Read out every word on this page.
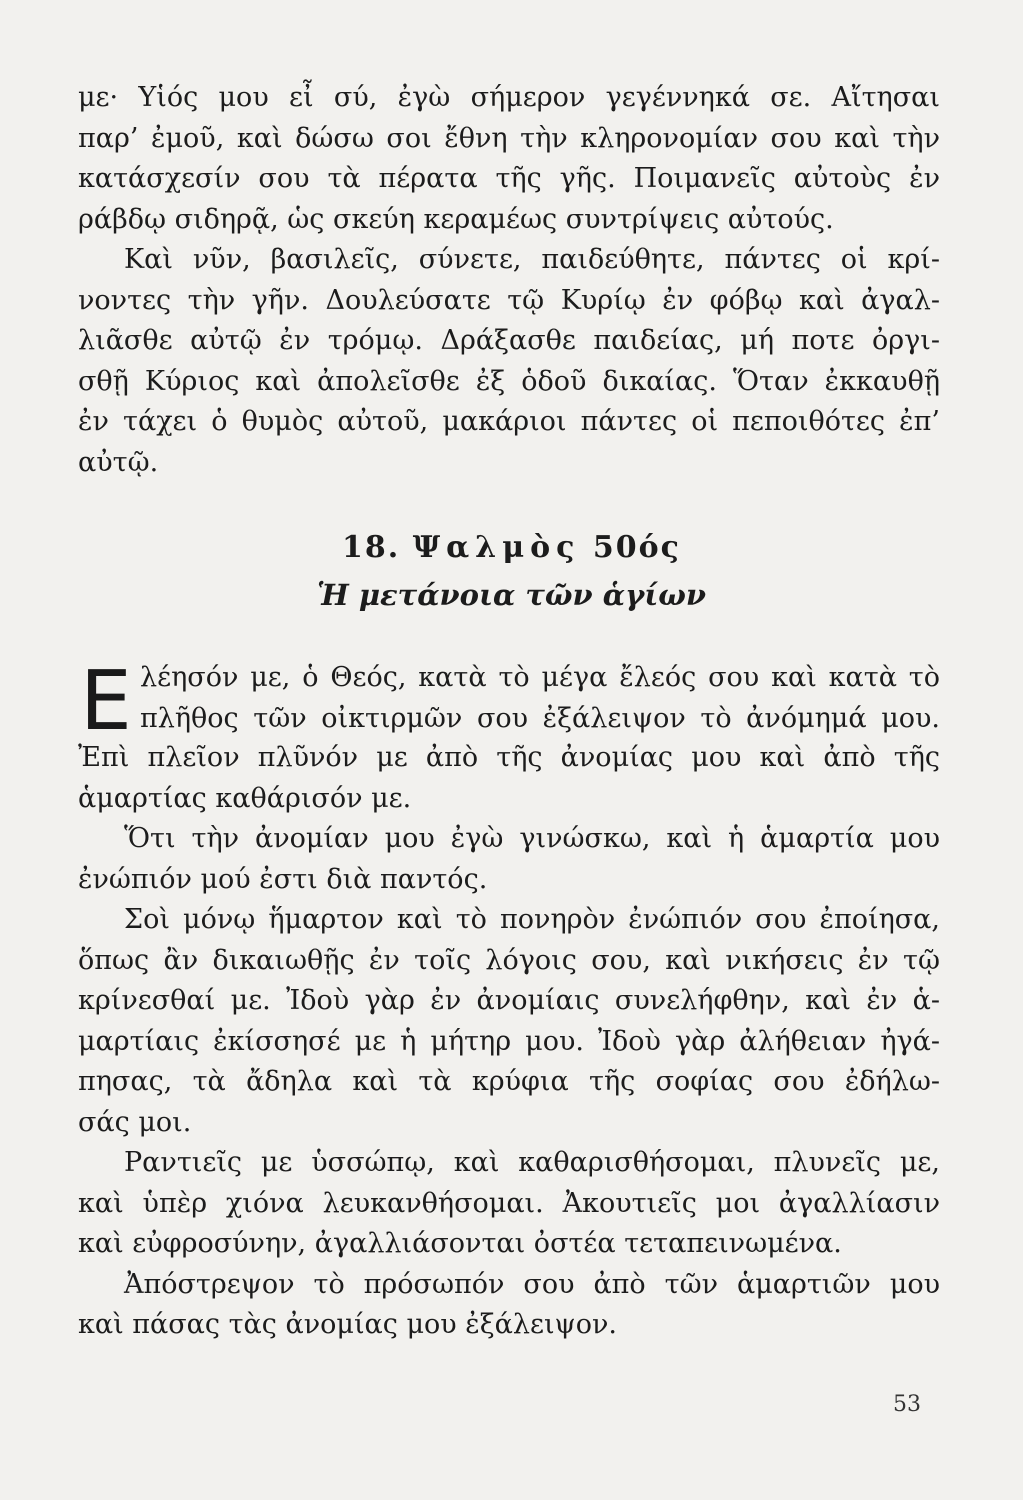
με· Υἱός μου εἶ σύ, ἐγὼ σήμερον γεγέννηκά σε. Αἴτησαι
παρ’ ἐμοῦ, καὶ δώσω σοι ἔθνη τὴν κληρονομίαν σου καὶ τὴν
κατάσχεσίν σου τὰ πέρατα τῆς γῆς. Ποιμανεῖς αὐτοὺς ἐν
ράβδῳ σιδηρᾷ, ὡς σκεύη κεραμέως συντρίψεις αὐτούς.
Καὶ νῦν, βασιλεῖς, σύνετε, παιδεύθητε, πάντες οἱ κρί-
νοντες τὴν γῆν. Δουλεύσατε τῷ Κυρίῳ ἐν φόβῳ καὶ ἀγαλ-
λιᾶσθε αὐτῷ ἐν τρόμῳ. Δράξασθε παιδείας, μή ποτε ὀργι-
σθῇ Κύριος καὶ ἀπολεῖσθε ἐξ ὁδοῦ δικαίας. Ὅταν ἐκκαυθῇ
ἐν τάχει ὁ θυμὸς αὐτοῦ, μακάριοι πάντες οἱ πεποιθότες ἐπ’
αὐτῷ.
18. Ψαλμὸς 50ός
Ἡ μετάνοια τῶν ἁγίων
Ε λέησόν με, ὁ Θεός, κατὰ τὸ μέγα ἔλεός σου καὶ κατὰ τὸ
πλῆθος τῶν οἰκτιρμῶν σου ἐξάλειψον τὸ ἀνόμημά μου.
Ἐπὶ πλεῖον πλῦνόν με ἀπὸ τῆς ἀνομίας μου καὶ ἀπὸ τῆς
ἁμαρτίας καθάρισόν με.
Ὅτι τὴν ἀνομίαν μου ἐγὼ γινώσκω, καὶ ἡ ἁμαρτία μου
ἐνώπιόν μού ἐστι διὰ παντός.
Σοὶ μόνῳ ἥμαρτον καὶ τὸ πονηρὸν ἐνώπιόν σου ἐποίησα,
ὅπως ἂν δικαιωθῇς ἐν τοῖς λόγοις σου, καὶ νικήσεις ἐν τῷ
κρίνεσθαί με. Ἰδοὺ γὰρ ἐν ἀνομίαις συνελήφθην, καὶ ἐν ἁ-
μαρτίαις ἐκίσσησέ με ἡ μήτηρ μου. Ἰδοὺ γὰρ ἀλήθειαν ἠγά-
πησας, τὰ ἄδηλα καὶ τὰ κρύφια τῆς σοφίας σου ἐδήλω-
σάς μοι.
Ραντιεῖς με ὑσσώπῳ, καὶ καθαρισθήσομαι, πλυνεῖς με,
καὶ ὑπὲρ χιόνα λευκανθήσομαι. Ἀκουτιεῖς μοι ἀγαλλίασιν
καὶ εὐφροσύνην, ἀγαλλιάσονται ὀστέα τεταπεινωμένα.
Ἀπόστρεψον τὸ πρόσωπόν σου ἀπὸ τῶν ἁμαρτιῶν μου
καὶ πάσας τὰς ἀνομίας μου ἐξάλειψον.
53
